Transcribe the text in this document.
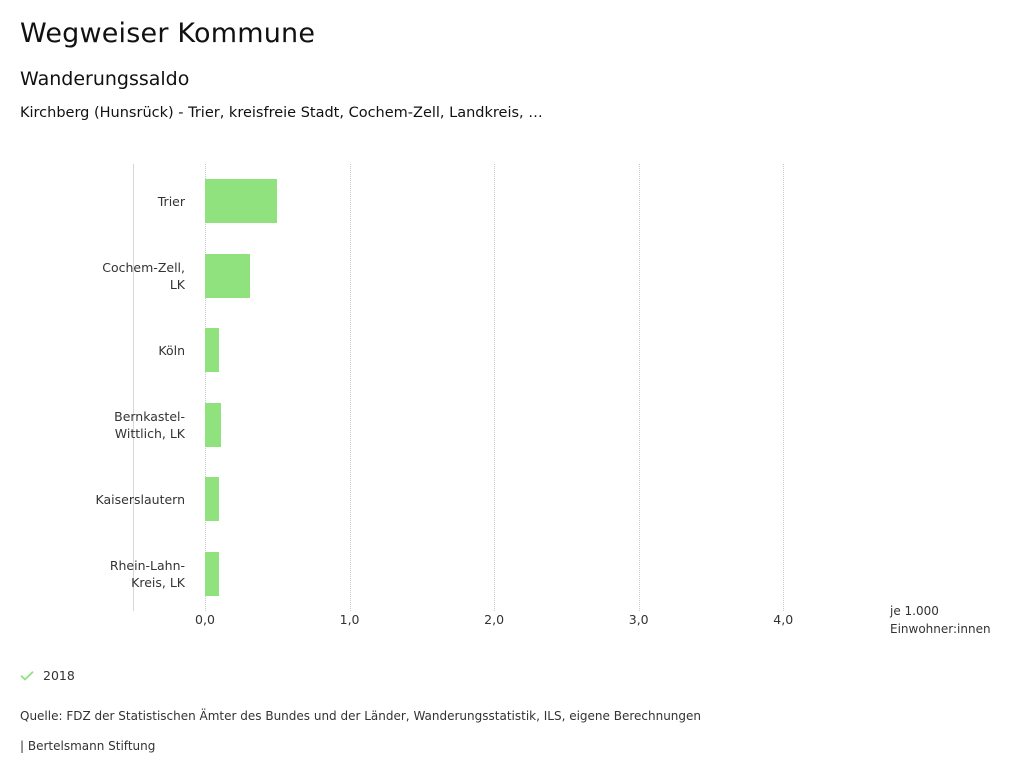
Wegweiser Kommune
Wanderungssaldo
Kirchberg (Hunsrück) - Trier, kreisfreie Stadt, Cochem-Zell, Landkreis, …
Trier
Cochem-Zell,
LK
Köln
Bernkastel-
Wittlich, LK
Kaiserslautern
Rhein-Lahn-
Kreis, LK
je 1.000
Einwohner:innen
0,0	1,0	2,0	3,0	4,0
2018
Quelle: FDZ der Statistischen Ämter des Bundes und der Länder, Wanderungsstatistik, ILS, eigene Berechnungen
| Bertelsmann Stiftung
